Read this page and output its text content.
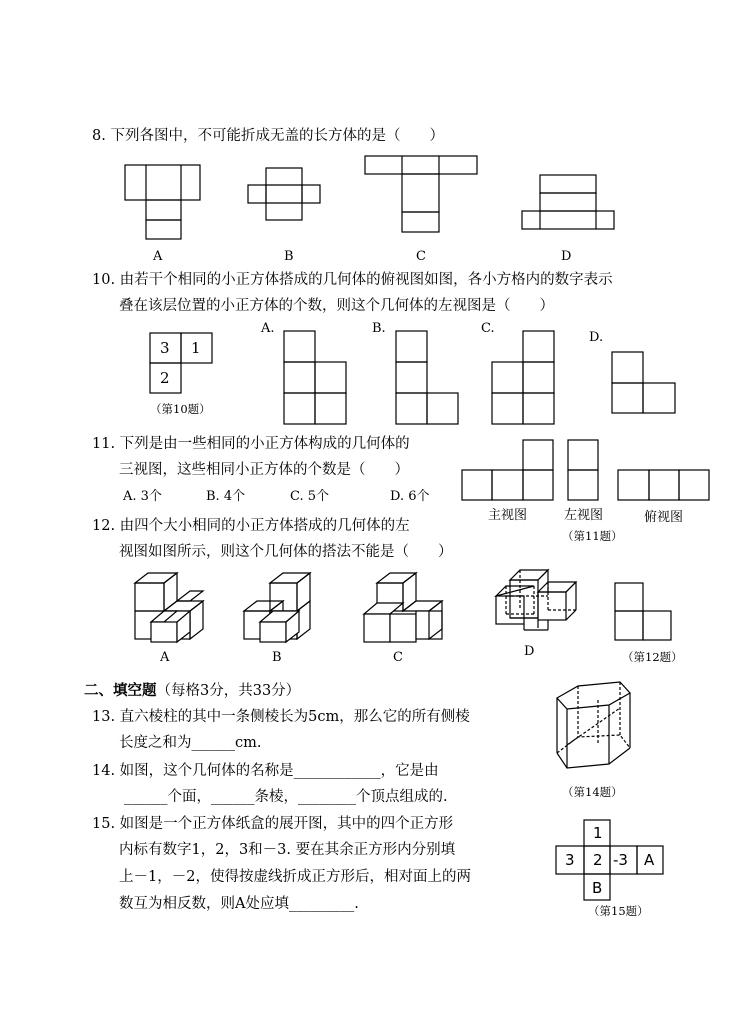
8. 下列各图中，不可能折成无盖的长方体的是（　　）
A	B	C	D
10. 由若干个相同的小正方体搭成的几何体的俯视图如图，各小方格内的数字表示
叠在该层位置的小正方体的个数，则这个几何体的左视图是（　　）
3 1
2
（第10题）
A.	B.	C.
D.
11. 下列是由一些相同的小正方体构成的几何体的
三视图，这些相同小正方体的个数是（　　）
A. 3个	B. 4个	C. 5个	D. 6个
主视图	左视图	俯视图
（第11题）
12. 由四个大小相同的小正方体搭成的几何体的左
视图如图所示，则这个几何体的搭法不能是（　　）
A	B	C	D	（第12题）
二、填空题（每格3分，共33分）
13. 直六棱柱的其中一条侧棱长为5cm，那么它的所有侧棱
长度之和为______cm.
14. 如图，这个几何体的名称是____________，它是由
______个面，______条棱，________个顶点组成的.	（第14题）
15. 如图是一个正方体纸盒的展开图，其中的四个正方形
内标有数字1，2，3和－3. 要在其余正方形内分别填
上－1，－2，使得按虚线折成正方形后，相对面上的两
数互为相反数，则A处应填_________.
1
3 2 -3 A
B
（第15题）
